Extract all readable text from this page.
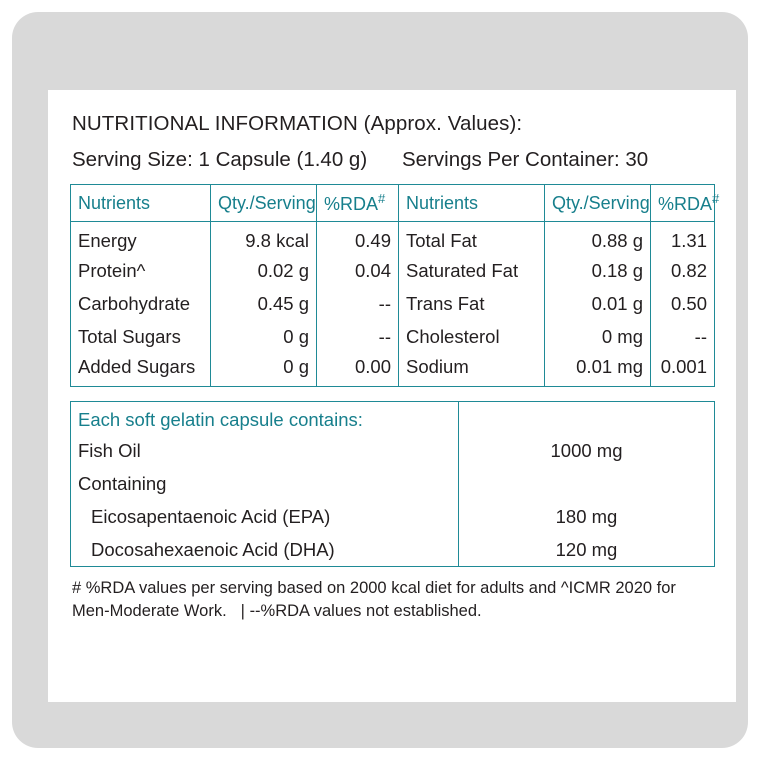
NUTRITIONAL INFORMATION (Approx. Values):
Serving Size: 1 Capsule (1.40 g)	Servings Per Container: 30
Nutrients	Qty./Serving	%RDA#	Nutrients	Qty./Serving	%RDA#
Energy	9.8 kcal	0.49	Total Fat	0.88 g	1.31
Protein^	0.02 g	0.04	Saturated Fat	0.18 g	0.82
Carbohydrate	0.45 g	--	Trans Fat	0.01 g	0.50
Total Sugars	0 g	--	Cholesterol	0 mg	--
Added Sugars	0 g	0.00	Sodium	0.01 mg	0.001
Each soft gelatin capsule contains:	
Fish Oil	1000 mg
Containing	
Eicosapentaenoic Acid (EPA)	180 mg
Docosahexaenoic Acid (DHA)	120 mg
# %RDA values per serving based on 2000 kcal diet for adults and ^ICMR 2020 for
Men-Moderate Work. | --%RDA values not established.
